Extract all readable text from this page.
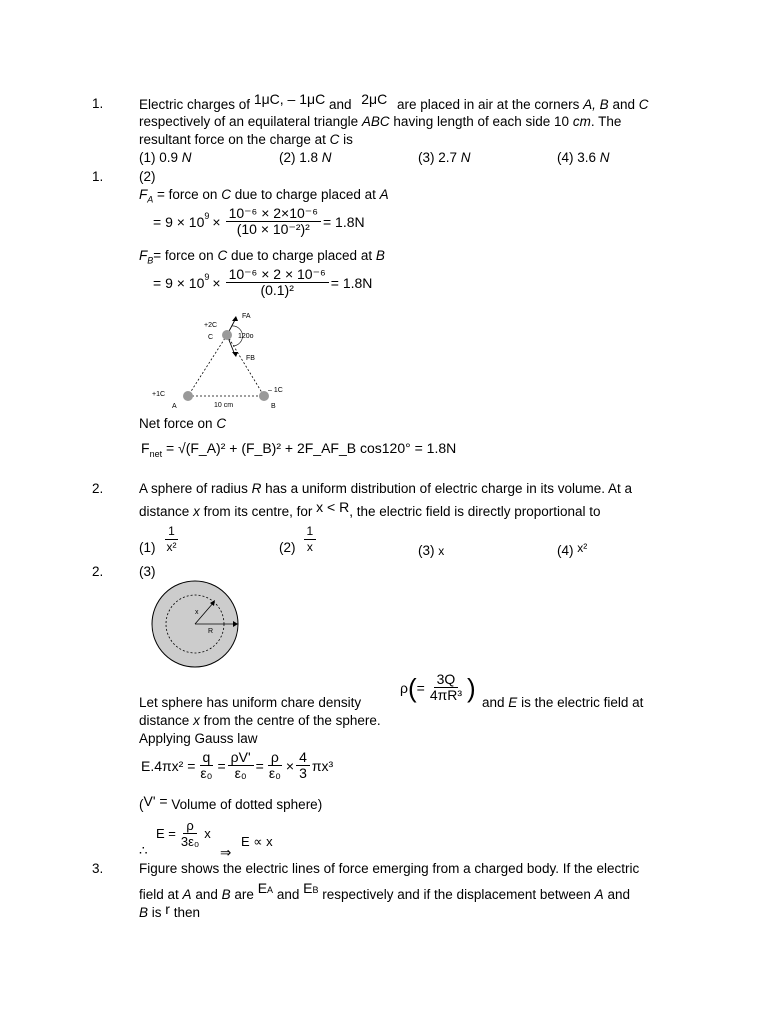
1.	Electric charges of 1μC, – 1μC and 2μC are placed in air at the corners A, B and C
respectively of an equilateral triangle ABC having length of each side 10 cm. The
resultant force on the charge at C is
(1) 0.9 N	(2) 1.8 N	(3) 2.7 N	(4) 3.6 N
1.	(2)
$F_A$ = force on C due to charge placed at A
= $9 \times 10^9 \times \frac{\text{10⁻⁶ × 2×10⁻⁶}}{\text{(10 × 10⁻²)²}} = 1.8N$
$F_B=$ force on C due to charge placed at B
= $9 \times 10^9 \times \frac{\text{10⁻⁶ × 2 × 10⁻⁶}}{\text{(0.1)²}} = 1.8N$
+2C
C
FA
120o
FB
+1C
A
– 1C
B
10 cm
Net force on C
$F_{net}$ = √(F_A)² + (F_B)² + 2F_AF_B cos120° = 1.8N
2.	A sphere of radius R has a uniform distribution of electric charge in its volume. At a
distance x from its centre, for x < R, the electric field is directly proportional to
$(1) \frac{1}{\text{x²}}$	$(2) \frac{1}{x}$	(3) x	(4) x²
2.	(3)
x
R
ρ ( = $\frac{3Q}{\text{4πR³}}$ )
Let sphere has uniform chare density	and E is the electric field at
distance x from the centre of the sphere.
Applying Gauss law
$E.4\pi x^2 = \frac{q}{\text{ε₀}} = \frac{\rho V'}{\text{ε₀}} = \frac{\rho}{\text{ε₀}} \times \frac{4}{3} \pi x^3$
(V' = Volume of dotted sphere)
$E = \frac{\rho}{\text{3ε₀}}$ x
∴	⇒
E ∝ x
3.	Figure shows the electric lines of force emerging from a charged body. If the electric
field at A and B are EA and EB respectively and if the displacement between A and
B is r then
